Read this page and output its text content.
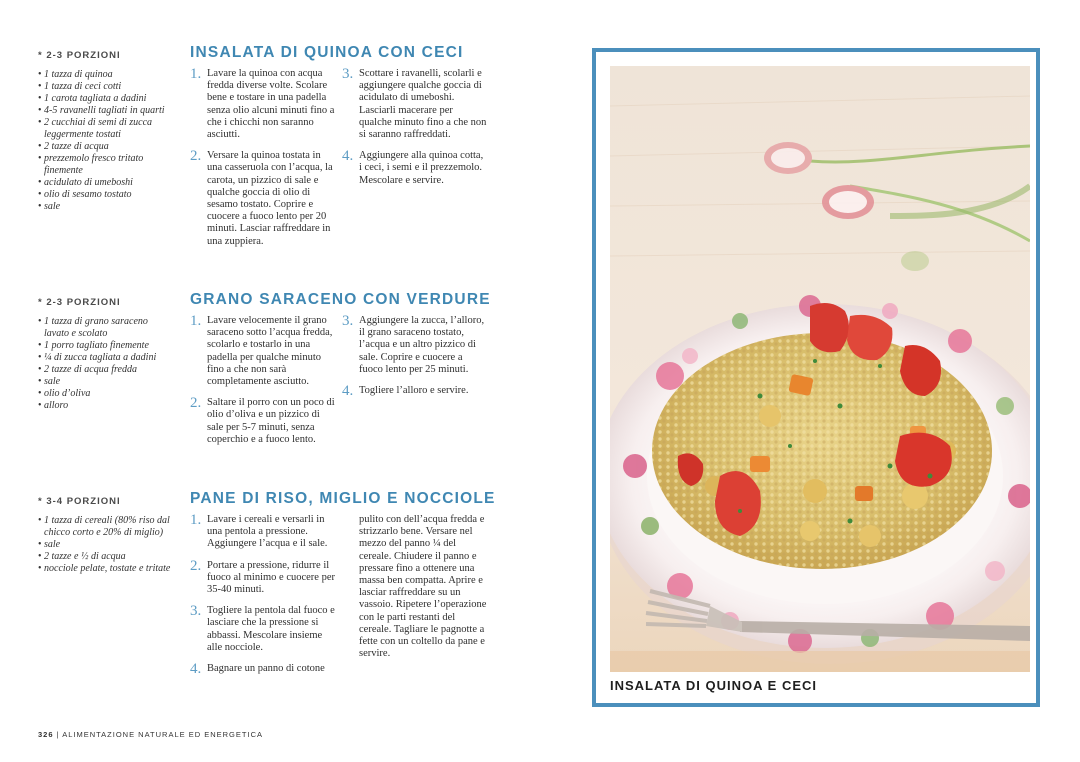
* 2-3 PORZIONI

• 1 tazza di quinoa
• 1 tazza di ceci cotti
• 1 carota tagliata a dadini
• 4-5 ravanelli tagliati in quarti
• 2 cucchiai di semi di zucca leggermente tostati
• 2 tazze di acqua
• prezzemolo fresco tritato finemente
• acidulato di umeboshi
• olio di sesamo tostato
• sale
INSALATA DI QUINOA CON CECI
1. Lavare la quinoa con acqua fredda diverse volte. Scolare bene e tostare in una padella senza olio alcuni minuti fino a che i chicchi non saranno asciutti.
2. Versare la quinoa tostata in una casseruola con l’acqua, la carota, un pizzico di sale e qualche goccia di olio di sesamo tostato. Coprire e cuocere a fuoco lento per 20 minuti. Lasciar raffreddare in una zuppiera.
3. Scottare i ravanelli, scolarli e aggiungere qualche goccia di acidulato di umeboshi. Lasciarli macerare per qualche minuto fino a che non si saranno raffreddati.
4. Aggiungere alla quinoa cotta, i ceci, i semi e il prezzemolo. Mescolare e servire.

* 2-3 PORZIONI

• 1 tazza di grano saraceno lavato e scolato
• 1 porro tagliato finemente
• ¼ di zucca tagliata a dadini
• 2 tazze di acqua fredda
• sale
• olio d’oliva
• alloro
GRANO SARACENO CON VERDURE
1. Lavare velocemente il grano saraceno sotto l’acqua fredda, scolarlo e tostarlo in una padella per qualche minuto fino a che non sarà completamente asciutto.
2. Saltare il porro con un poco di olio d’oliva e un pizzico di sale per 5-7 minuti, senza coperchio e a fuoco lento.
3. Aggiungere la zucca, l’alloro, il grano saraceno tostato, l’acqua e un altro pizzico di sale. Coprire e cuocere a fuoco lento per 25 minuti.
4. Togliere l’alloro e servire.

* 3-4 PORZIONI

• 1 tazza di cereali (80% riso dal chicco corto e 20% di miglio)
• sale
• 2 tazze e ½ di acqua
• nocciole pelate, tostate e tritate
PANE DI RISO, MIGLIO E NOCCIOLE
1. Lavare i cereali e versarli in una pentola a pressione. Aggiungere l’acqua e il sale.
2. Portare a pressione, ridurre il fuoco al minimo e cuocere per 35-40 minuti.
3. Togliere la pentola dal fuoco e lasciare che la pressione si abbassi. Mescolare insieme alle nocciole.
4. Bagnare un panno di cotone
pulito con dell’acqua fredda e strizzarlo bene. Versare nel mezzo del panno ¼ del cereale. Chiudere il panno e pressare fino a ottenere una massa ben compatta. Aprire e lasciar raffreddare su un vassoio. Ripetere l’operazione con le parti restanti del cereale. Tagliare le pagnotte a fette con un coltello da pane e servire.
326 | ALIMENTAZIONE NATURALE ED ENERGETICA
INSALATA DI QUINOA E CECI
